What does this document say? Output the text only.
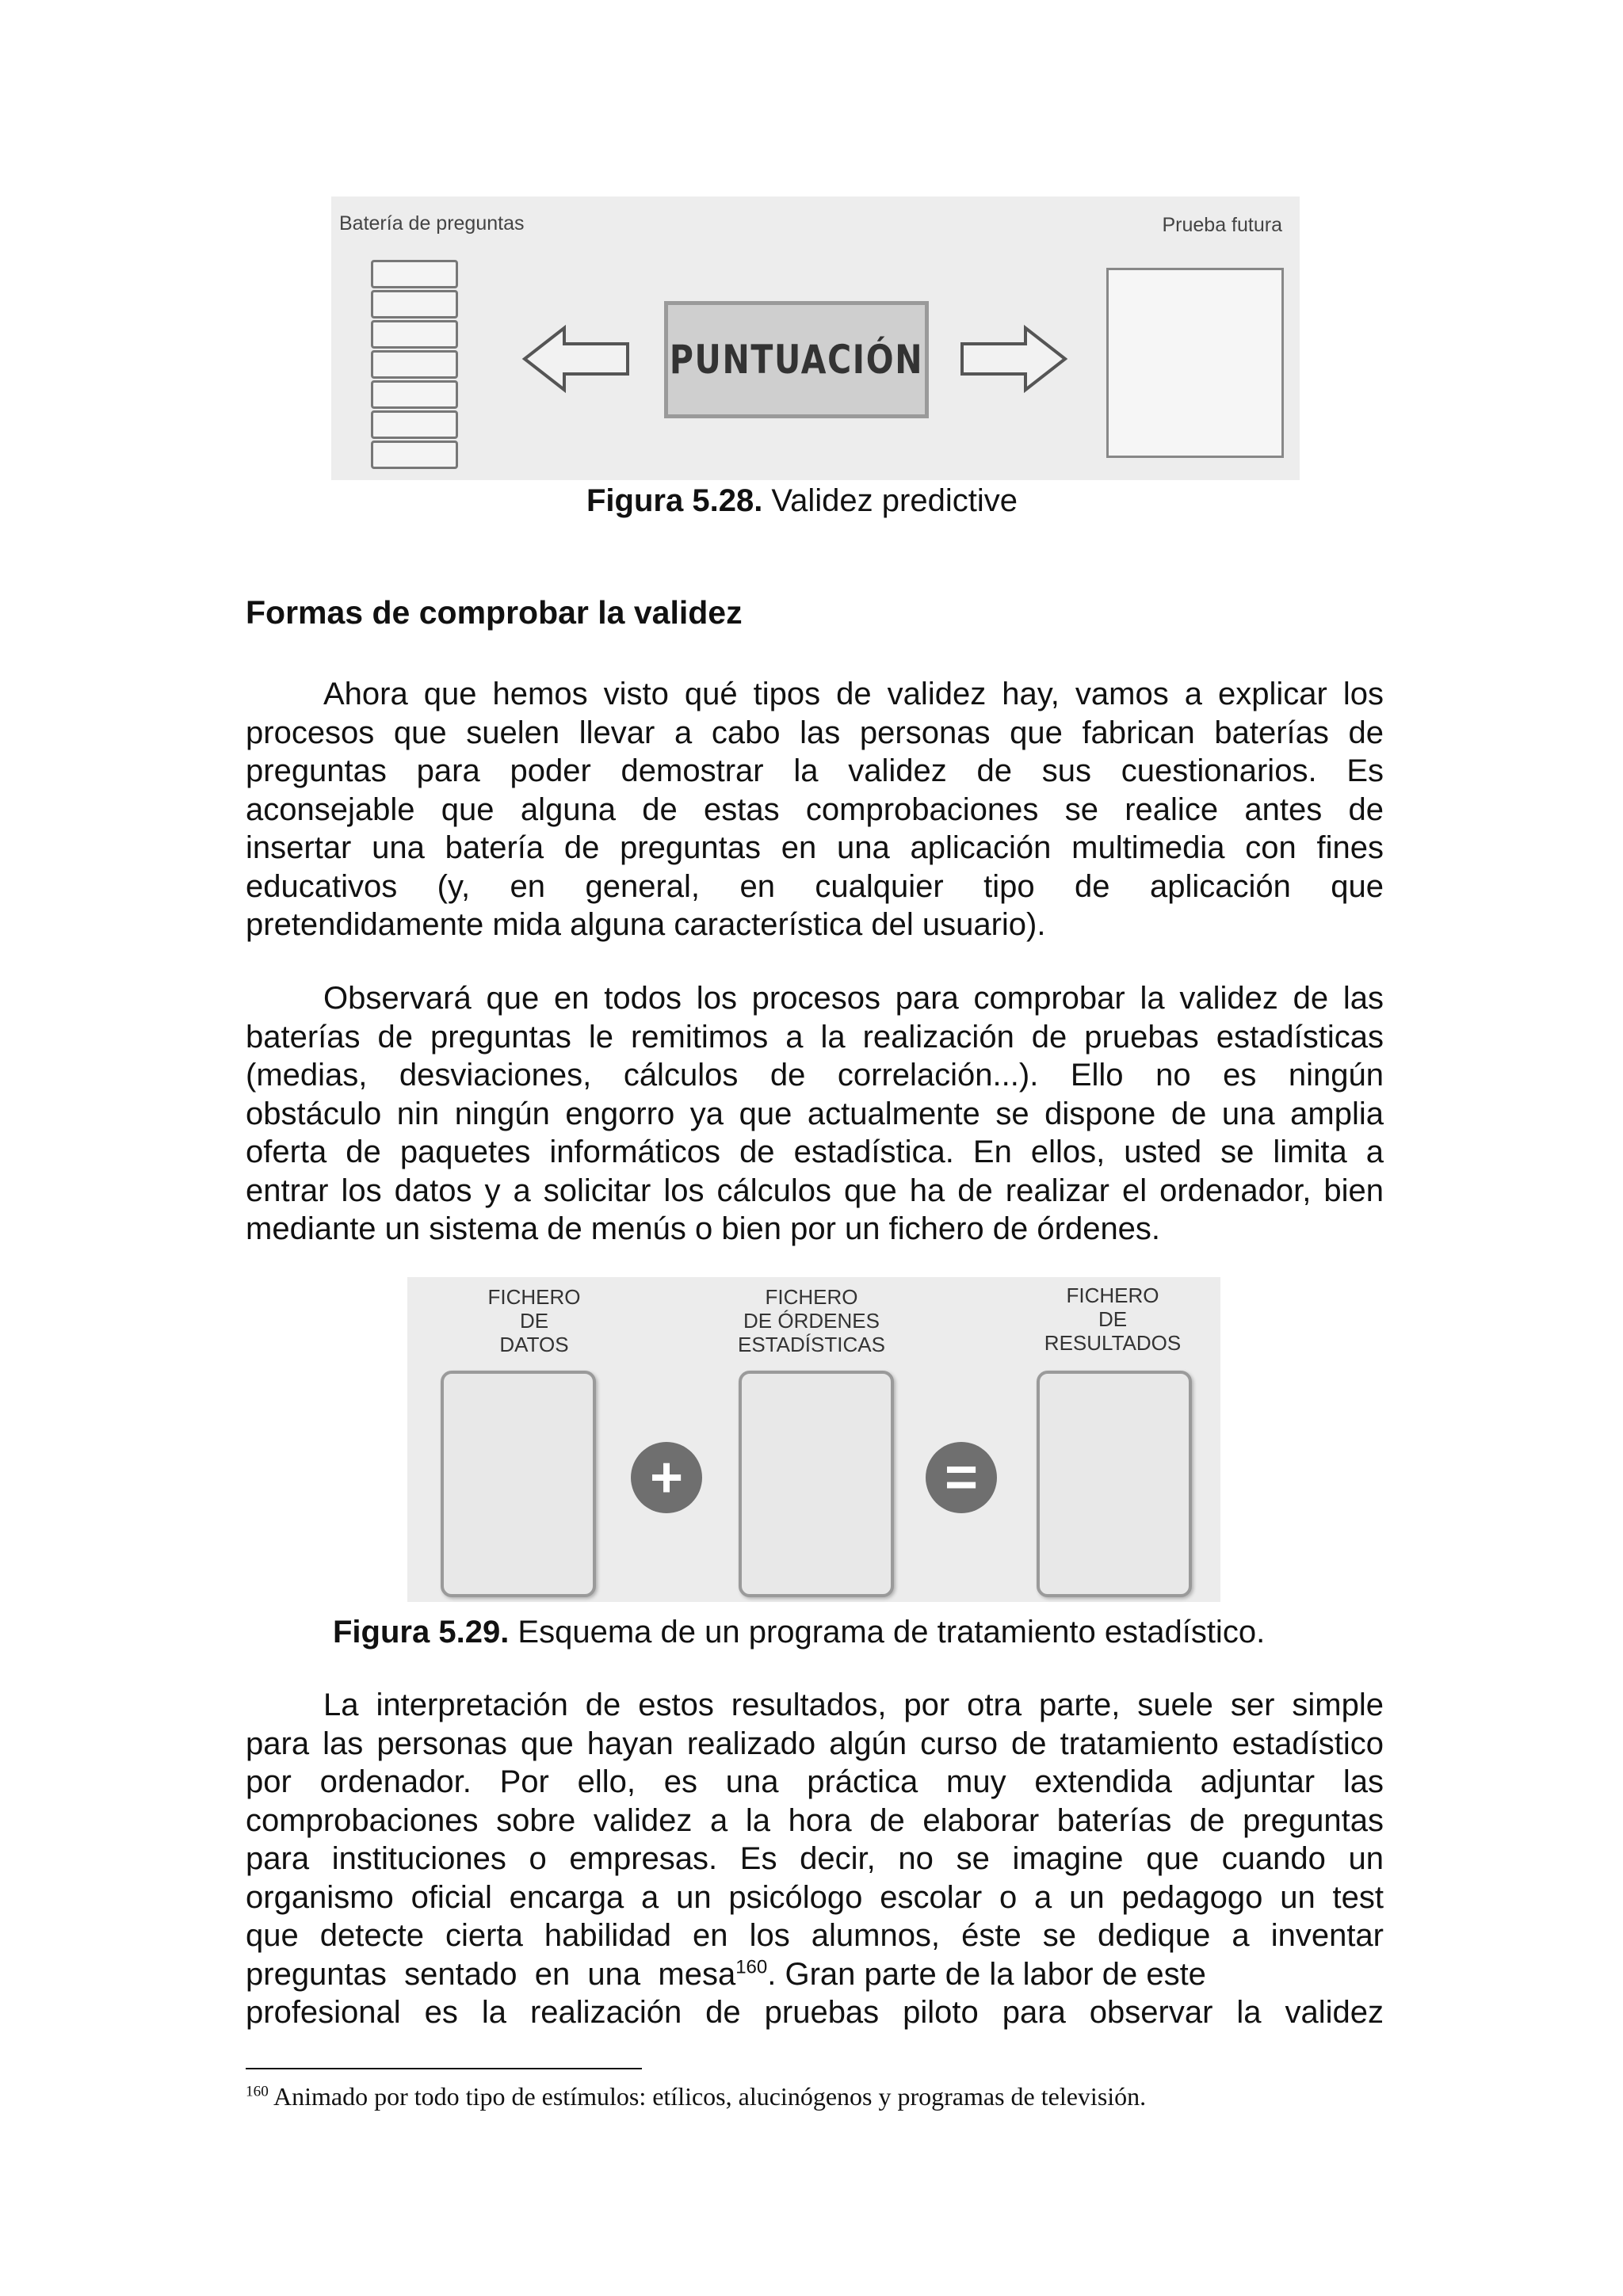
Batería de preguntas	Prueba futura
PUNTUACIÓN
Figura 5.28. Validez predictive
Formas de comprobar la validez
Ahora que hemos visto qué tipos de validez hay, vamos a explicar los
procesos que suelen llevar a cabo las personas que fabrican baterías de
preguntas para poder demostrar la validez de sus cuestionarios. Es
aconsejable que alguna de estas comprobaciones se realice antes de
insertar una batería de preguntas en una aplicación multimedia con fines
educativos (y, en general, en cualquier tipo de aplicación que
pretendidamente mida alguna característica del usuario).
Observará que en todos los procesos para comprobar la validez de las
baterías de preguntas le remitimos a la realización de pruebas estadísticas
(medias, desviaciones, cálculos de correlación...). Ello no es ningún
obstáculo nin ningún engorro ya que actualmente se dispone de una amplia
oferta de paquetes informáticos de estadística. En ellos, usted se limita a
entrar los datos y a solicitar los cálculos que ha de realizar el ordenador, bien
mediante un sistema de menús o bien por un fichero de órdenes.
FICHERO
DE
DATOS
FICHERO
DE ÓRDENES
ESTADÍSTICAS
FICHERO
DE
RESULTADOS
+	=
Figura 5.29. Esquema de un programa de tratamiento estadístico.
La interpretación de estos resultados, por otra parte, suele ser simple
para las personas que hayan realizado algún curso de tratamiento estadístico
por ordenador. Por ello, es una práctica muy extendida adjuntar las
comprobaciones sobre validez a la hora de elaborar baterías de preguntas
para instituciones o empresas. Es decir, no se imagine que cuando un
organismo oficial encarga a un psicólogo escolar o a un pedagogo un test
que detecte cierta habilidad en los alumnos, éste se dedique a inventar
preguntas  sentado  en  una  mesa$^{160}$. Gran parte de la labor de este
profesional es la realización de pruebas piloto para observar la validez
$^{160}$ Animado por todo tipo de estímulos: etílicos, alucinógenos y programas de televisión.
